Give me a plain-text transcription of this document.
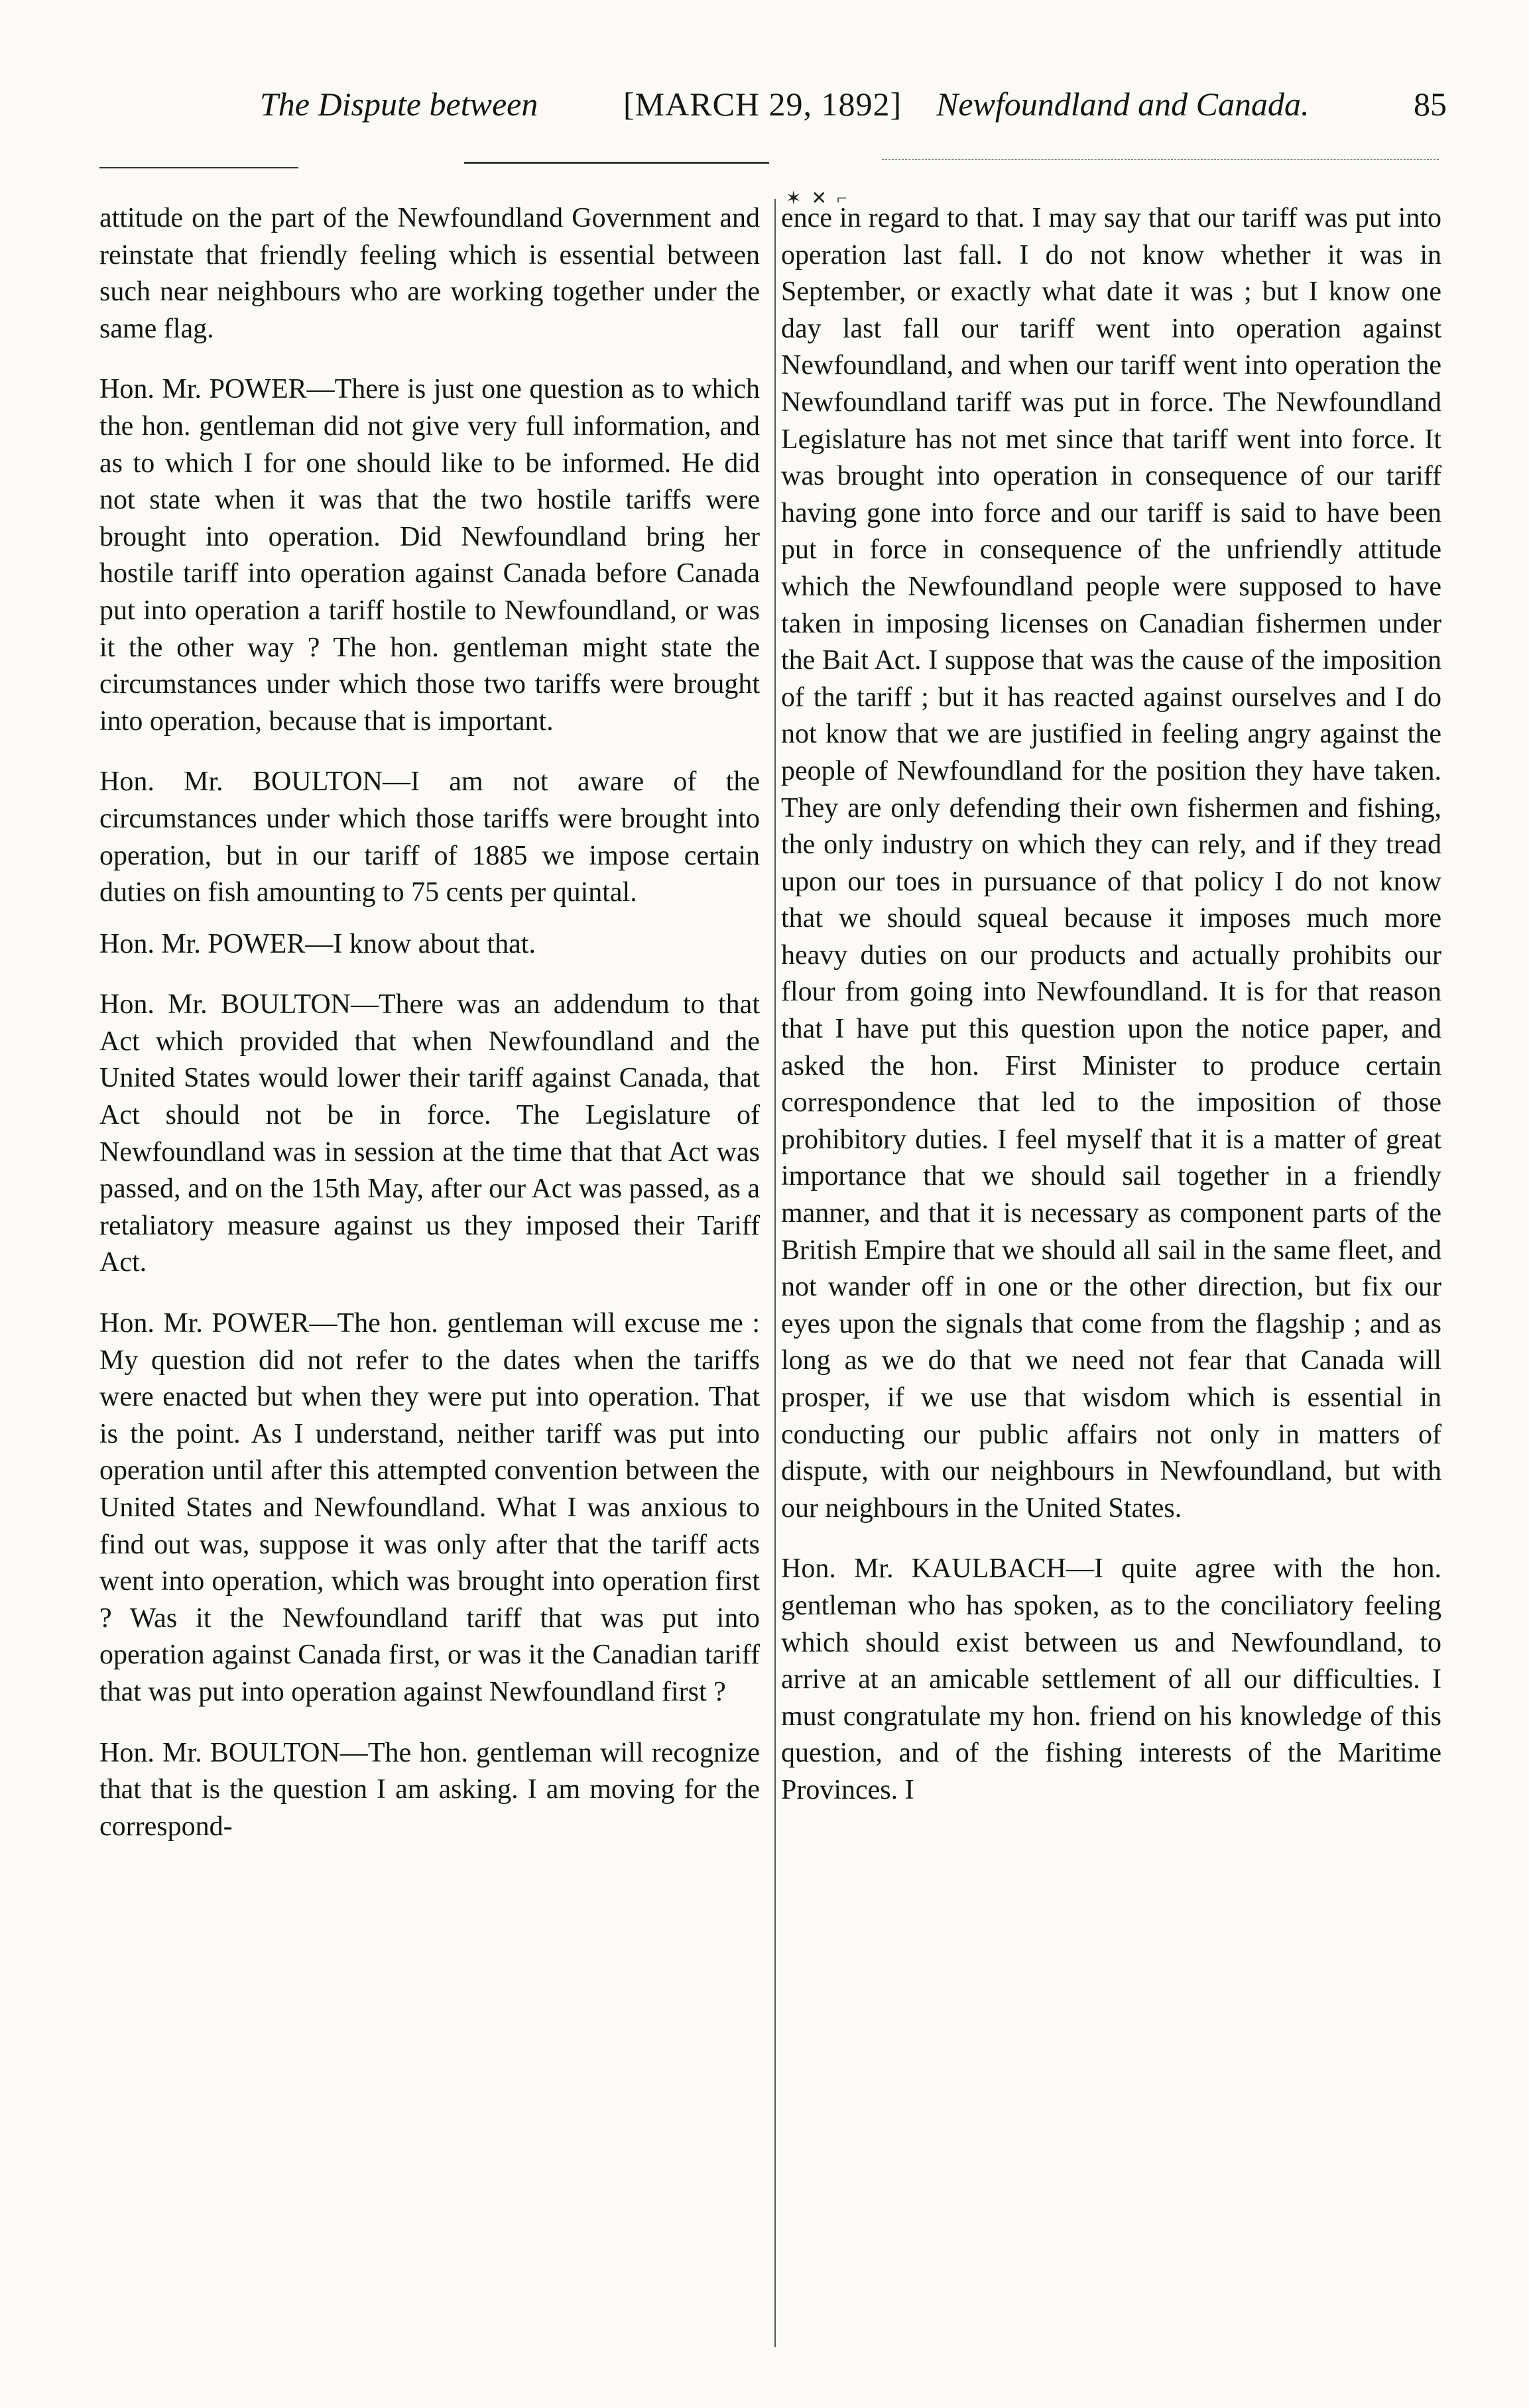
The Dispute between	[MARCH 29, 1892] Newfoundland and Canada.	85
✶ ✕ ⌐

attitude on the part of the Newfoundland Government and reinstate that friendly feeling which is essential between such near neighbours who are working together under the same flag.

Hon. Mr. POWER—There is just one question as to which the hon. gentleman did not give very full information, and as to which I for one should like to be informed. He did not state when it was that the two hostile tariffs were brought into operation. Did Newfoundland bring her hostile tariff into operation against Canada before Canada put into operation a tariff hostile to Newfoundland, or was it the other way ? The hon. gentleman might state the circumstances under which those two tariffs were brought into operation, because that is important.

Hon. Mr. BOULTON—I am not aware of the circumstances under which those tariffs were brought into operation, but in our tariff of 1885 we impose certain duties on fish amounting to 75 cents per quintal.

Hon. Mr. POWER—I know about that.

Hon. Mr. BOULTON—There was an addendum to that Act which provided that when Newfoundland and the United States would lower their tariff against Canada, that Act should not be in force. The Legislature of Newfoundland was in session at the time that that Act was passed, and on the 15th May, after our Act was passed, as a retaliatory measure against us they imposed their Tariff Act.

Hon. Mr. POWER—The hon. gentleman will excuse me : My question did not refer to the dates when the tariffs were enacted but when they were put into operation. That is the point. As I understand, neither tariff was put into operation until after this attempted convention between the United States and Newfoundland. What I was anxious to find out was, suppose it was only after that the tariff acts went into operation, which was brought into operation first ? Was it the Newfoundland tariff that was put into operation against Canada first, or was it the Canadian tariff that was put into operation against Newfoundland first ?

Hon. Mr. BOULTON—The hon. gentleman will recognize that that is the question I am asking. I am moving for the correspond-

ence in regard to that. I may say that our tariff was put into operation last fall. I do not know whether it was in September, or exactly what date it was ; but I know one day last fall our tariff went into operation against Newfoundland, and when our tariff went into operation the Newfoundland tariff was put in force. The Newfoundland Legislature has not met since that tariff went into force. It was brought into operation in consequence of our tariff having gone into force and our tariff is said to have been put in force in consequence of the unfriendly attitude which the Newfoundland people were supposed to have taken in imposing licenses on Canadian fishermen under the Bait Act. I suppose that was the cause of the imposition of the tariff ; but it has reacted against ourselves and I do not know that we are justified in feeling angry against the people of Newfoundland for the position they have taken. They are only defending their own fishermen and fishing, the only industry on which they can rely, and if they tread upon our toes in pursuance of that policy I do not know that we should squeal because it imposes much more heavy duties on our products and actually prohibits our flour from going into Newfoundland. It is for that reason that I have put this question upon the notice paper, and asked the hon. First Minister to produce certain correspondence that led to the imposition of those prohibitory duties. I feel myself that it is a matter of great importance that we should sail together in a friendly manner, and that it is necessary as component parts of the British Empire that we should all sail in the same fleet, and not wander off in one or the other direction, but fix our eyes upon the signals that come from the flagship ; and as long as we do that we need not fear that Canada will prosper, if we use that wisdom which is essential in conducting our public affairs not only in matters of dispute, with our neighbours in Newfoundland, but with our neighbours in the United States.

Hon. Mr. KAULBACH—I quite agree with the hon. gentleman who has spoken, as to the conciliatory feeling which should exist between us and Newfoundland, to arrive at an amicable settlement of all our difficulties. I must congratulate my hon. friend on his knowledge of this question, and of the fishing interests of the Maritime Provinces. I
